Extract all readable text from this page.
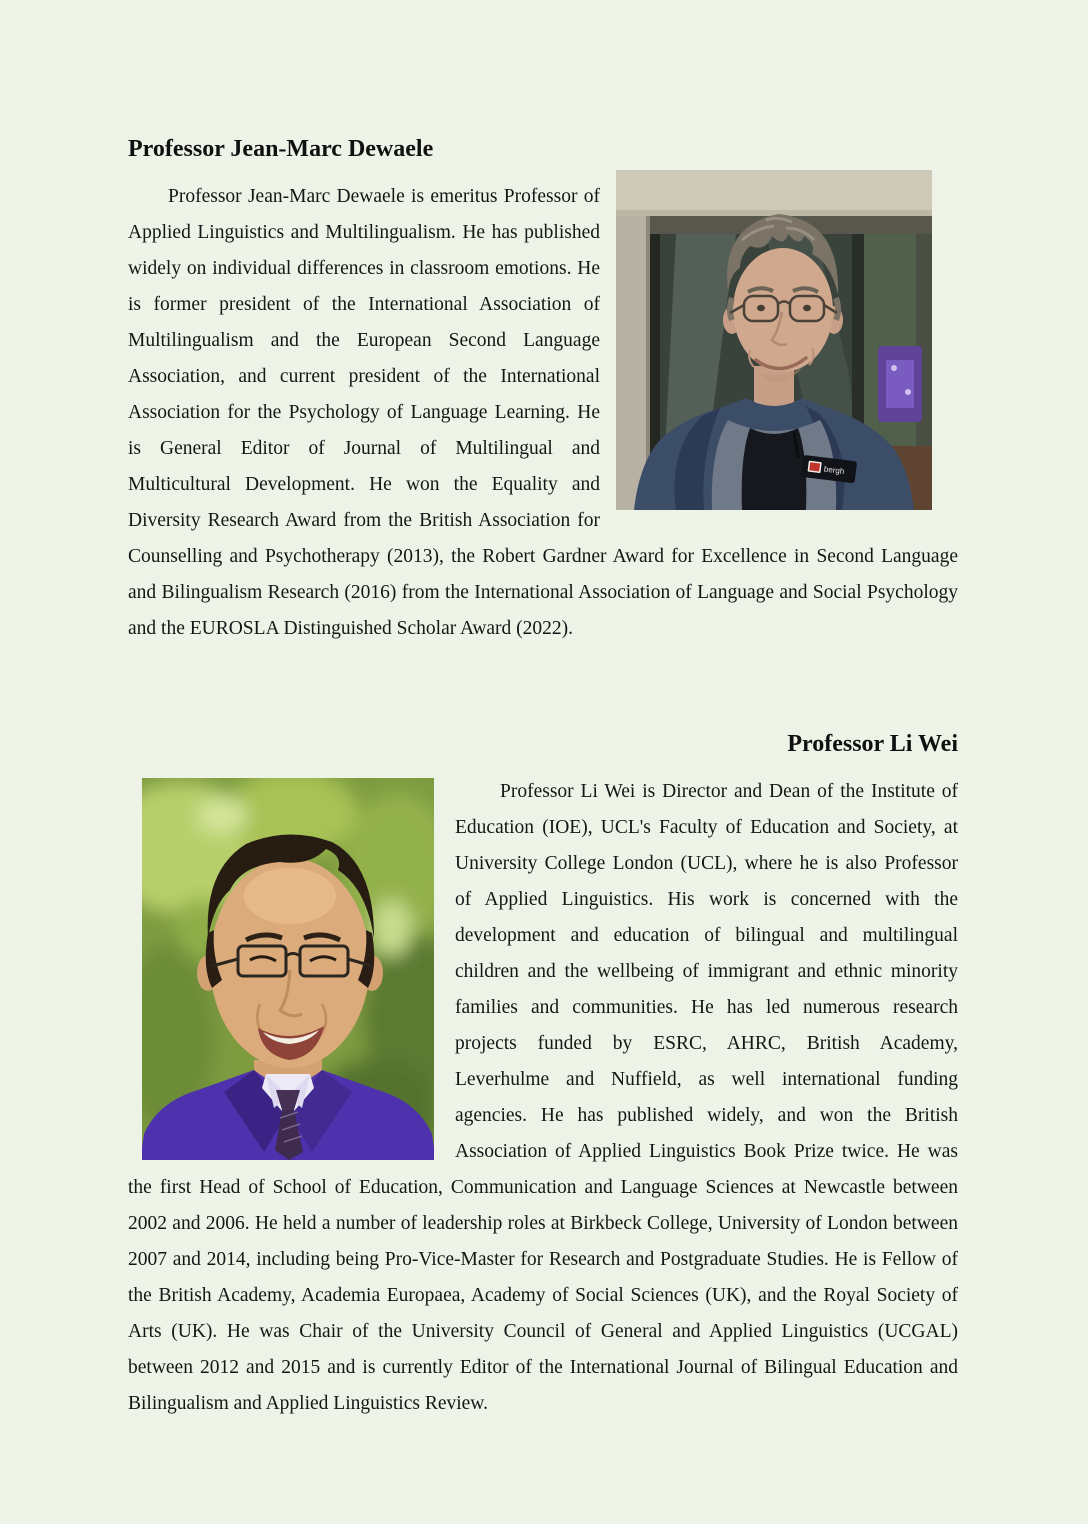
Professor Jean-Marc Dewaele
bergh

Professor Jean-Marc Dewaele is emeritus Professor of Applied Linguistics and Multilingualism. He has published widely on individual differences in classroom emotions. He is former president of the International Association of Multilingualism and the European Second Language Association, and current president of the International Association for the Psychology of Language Learning. He is General Editor of Journal of Multilingual and Multicultural Development. He won the Equality and Diversity Research Award from the British Association for Counselling and Psychotherapy (2013), the Robert Gardner Award for Excellence in Second Language and Bilingualism Research (2016) from the International Association of Language and Social Psychology and the EUROSLA Distinguished Scholar Award (2022).

Professor Li Wei

Professor Li Wei is Director and Dean of the Institute of Education (IOE), UCL's Faculty of Education and Society, at University College London (UCL), where he is also Professor of Applied Linguistics. His work is concerned with the development and education of bilingual and multilingual children and the wellbeing of immigrant and ethnic minority families and communities. He has led numerous research projects funded by ESRC, AHRC, British Academy, Leverhulme and Nuffield, as well international funding agencies. He has published widely, and won the British Association of Applied Linguistics Book Prize twice. He was the first Head of School of Education, Communication and Language Sciences at Newcastle between 2002 and 2006. He held a number of leadership roles at Birkbeck College, University of London between 2007 and 2014, including being Pro-Vice-Master for Research and Postgraduate Studies. He is Fellow of the British Academy, Academia Europaea, Academy of Social Sciences (UK), and the Royal Society of Arts (UK). He was Chair of the University Council of General and Applied Linguistics (UCGAL) between 2012 and 2015 and is currently Editor of the International Journal of Bilingual Education and Bilingualism and Applied Linguistics Review.
